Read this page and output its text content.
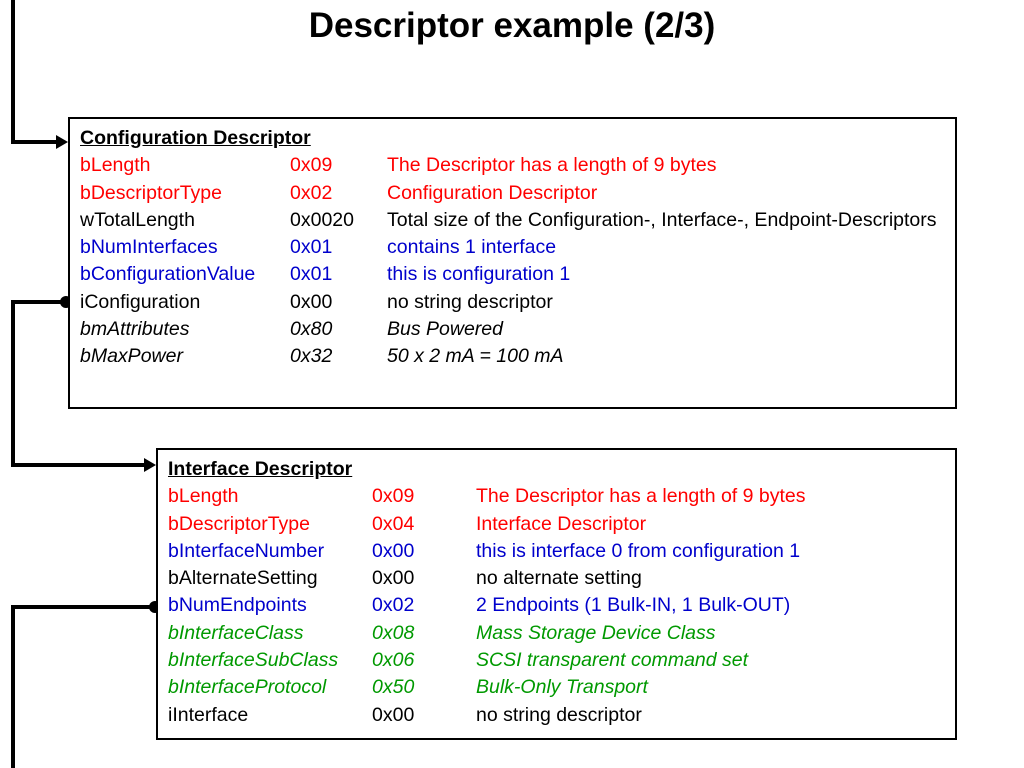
Descriptor example (2/3)
Configuration Descriptor
bLength	0x09	The Descriptor has a length of 9 bytes
bDescriptorType	0x02	Configuration Descriptor
wTotalLength	0x0020	Total size of the Configuration-, Interface-, Endpoint-Descriptors
bNumInterfaces	0x01	contains 1 interface
bConfigurationValue	0x01	this is configuration 1
iConfiguration	0x00	no string descriptor
bmAttributes	0x80	Bus Powered
bMaxPower	0x32	50 x 2 mA = 100 mA
Interface Descriptor
bLength	0x09	The Descriptor has a length of 9 bytes
bDescriptorType	0x04	Interface Descriptor
bInterfaceNumber	0x00	this is interface 0 from configuration 1
bAlternateSetting	0x00	no alternate setting
bNumEndpoints	0x02	2 Endpoints (1 Bulk-IN, 1 Bulk-OUT)
bInterfaceClass	0x08	Mass Storage Device Class
bInterfaceSubClass	0x06	SCSI transparent command set
bInterfaceProtocol	0x50	Bulk-Only Transport
iInterface	0x00	no string descriptor
